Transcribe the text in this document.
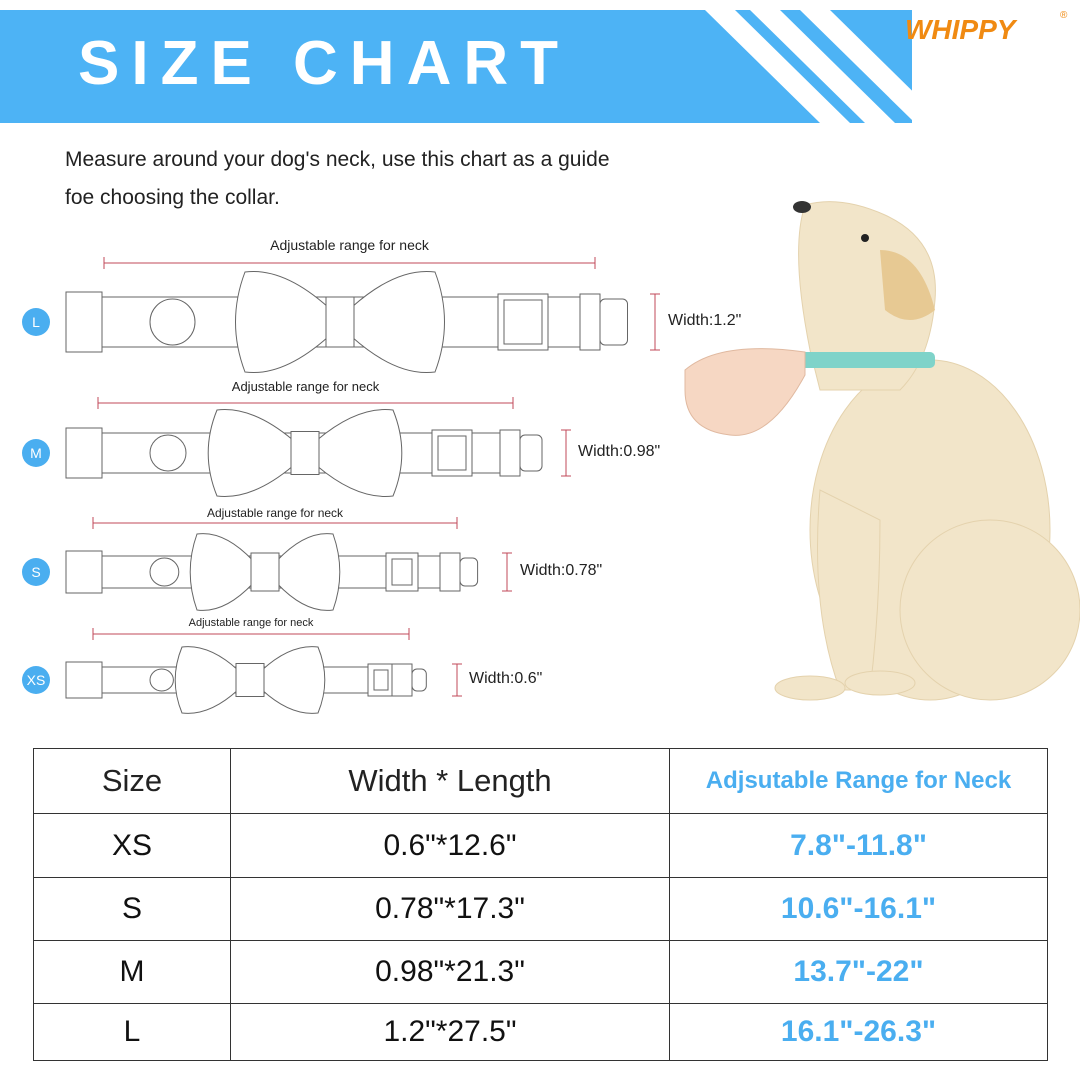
SIZE CHART	WHIPPY	®
Measure around your dog's neck, use this chart as a guide
foe choosing the collar.
L
Adjustable range for neck
Width:1.2"
M
Adjustable range for neck
Width:0.98"
S
Adjustable range for neck
Width:0.78"
XS
Adjustable range for neck
Width:0.6"
Size	Width * Length	Adjsutable Range for Neck
XS	0.6"*12.6"	7.8"-11.8"
S	0.78"*17.3"	10.6"-16.1"
M	0.98"*21.3"	13.7"-22"
L	1.2"*27.5"	16.1"-26.3"
